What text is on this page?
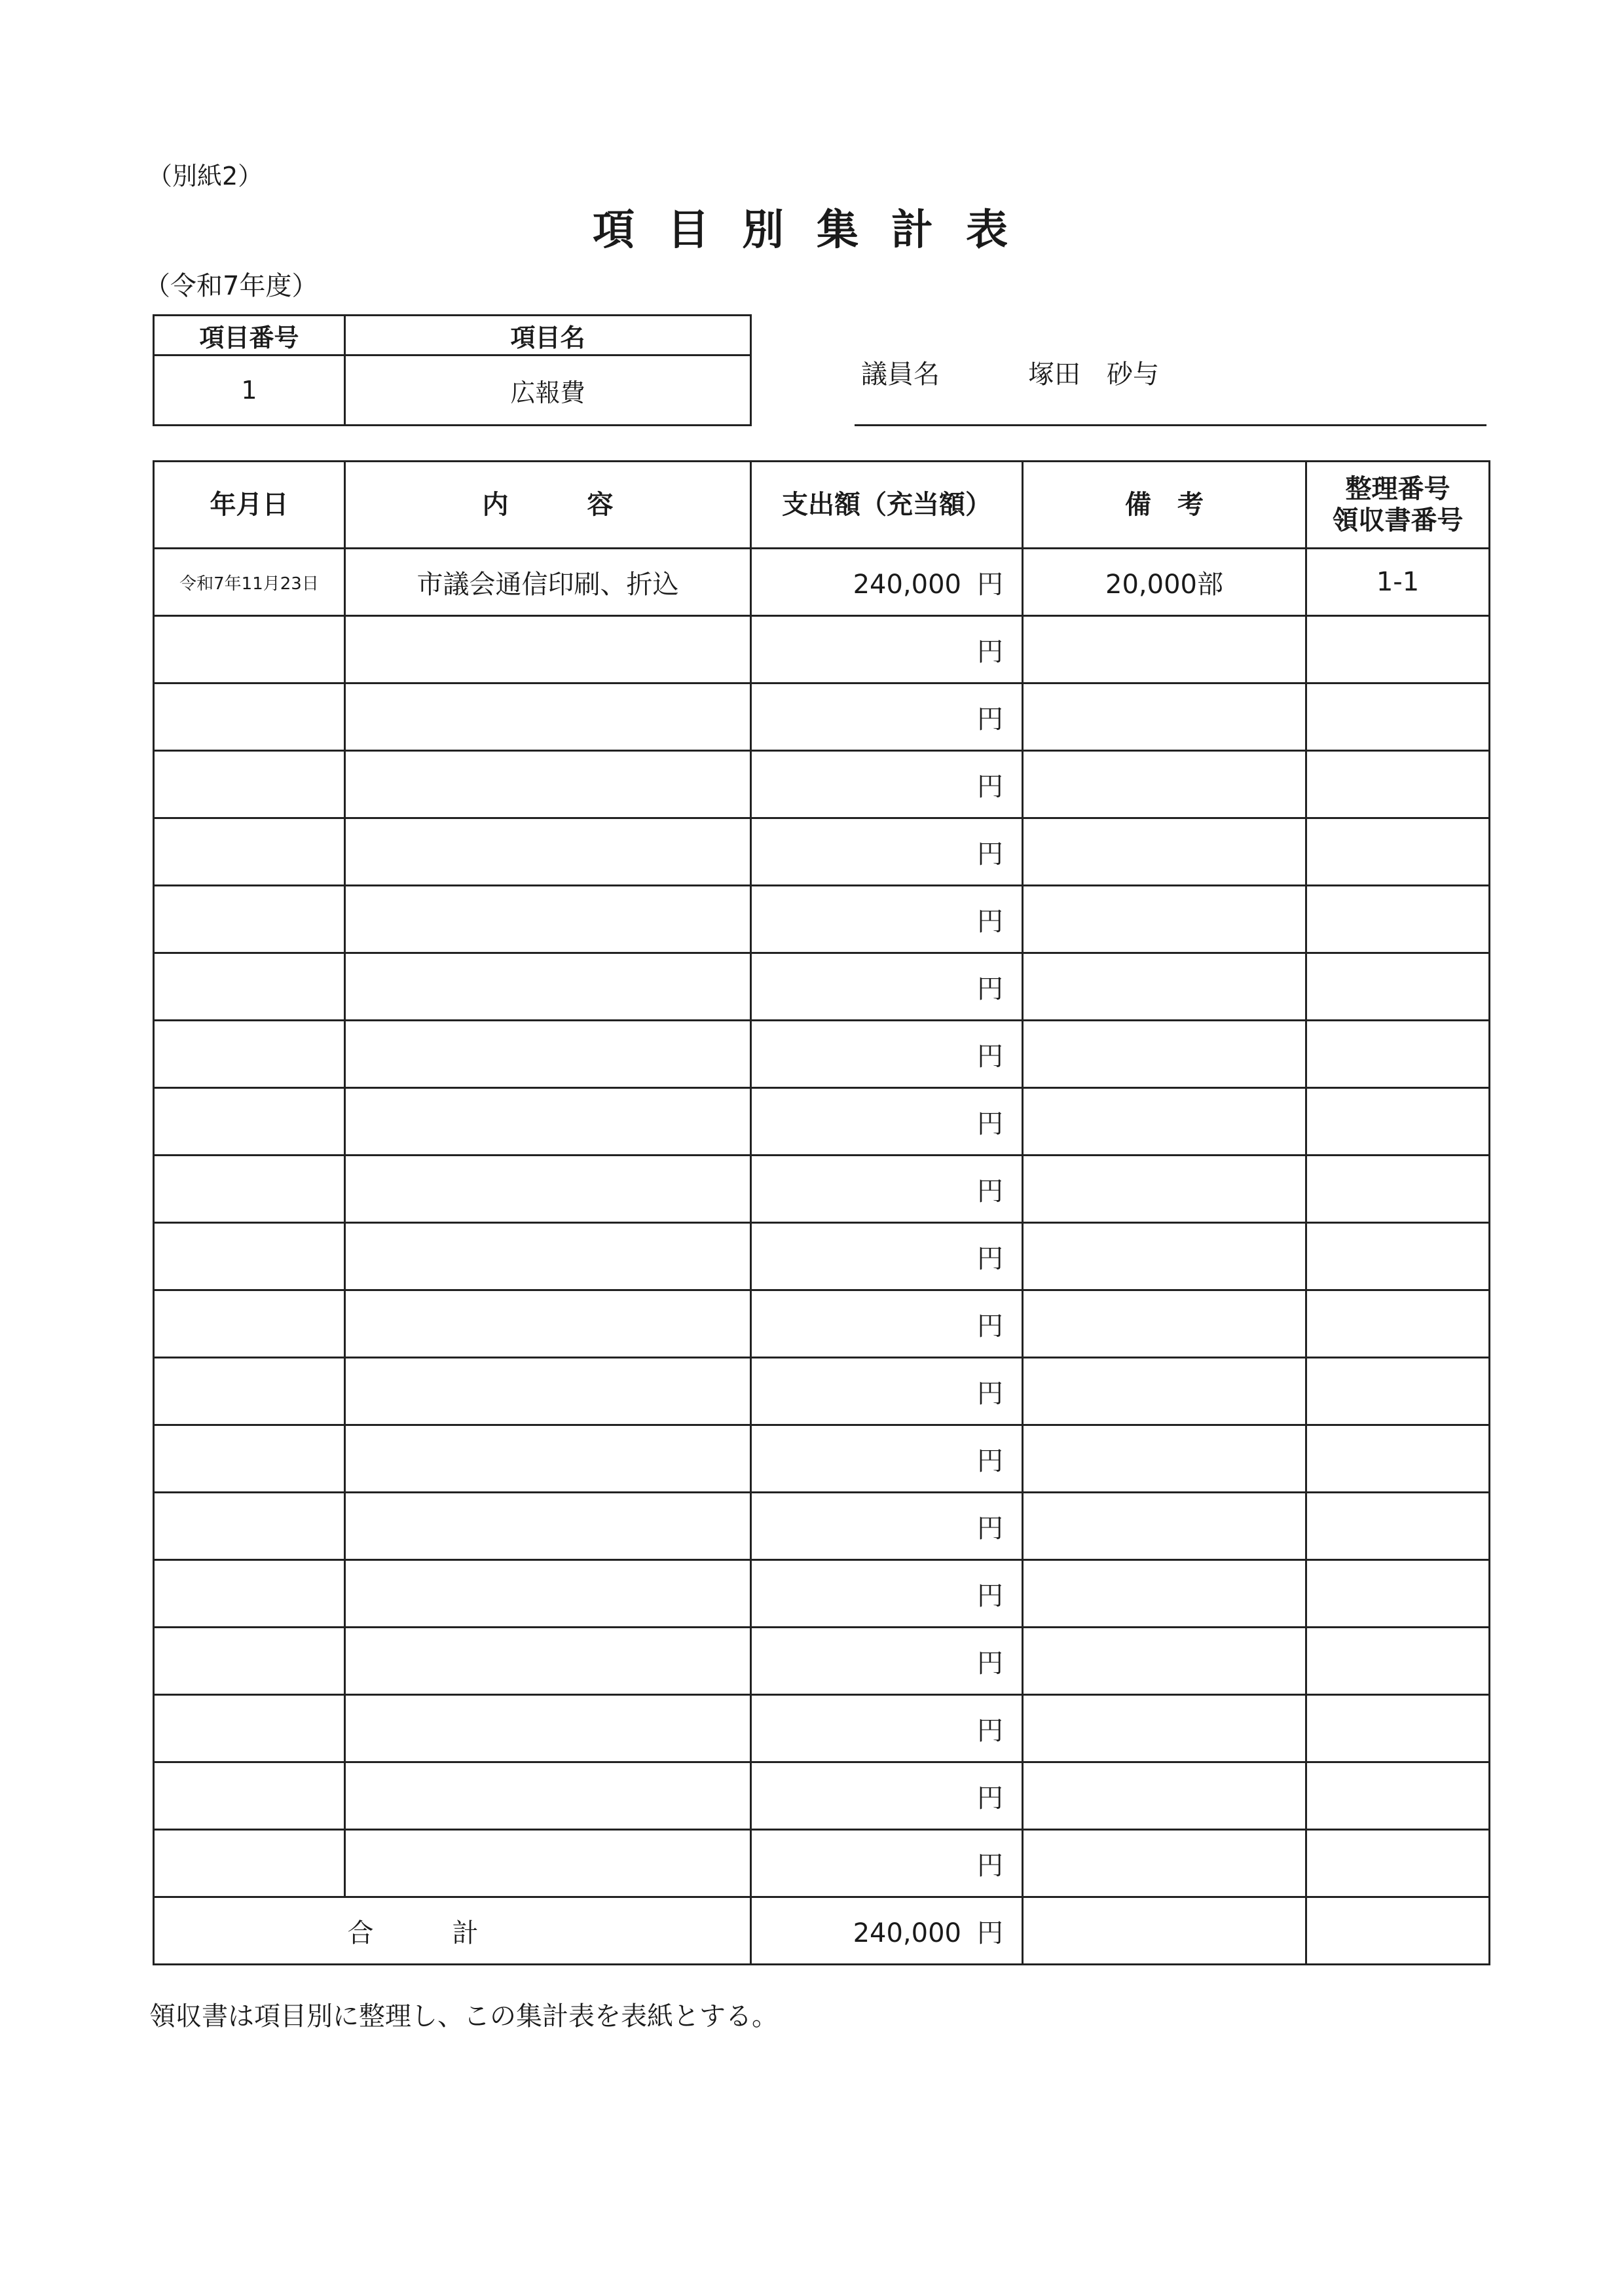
（別紙2）
項目別集計表
（令和7年度）
項目番号	項目名
1	広報費
議員名	塚田　砂与
年月日	内　　　容	支出額（充当額）	備　考	整理番号
領収書番号

令和7年11月23日	市議会通信印刷、折込	240,000 円	20,000部	1-1
		円		
		円		
		円		
		円		
		円		
		円		
		円		
		円		
		円		
		円		
		円		
		円		
		円		
		円		
		円		
		円		
		円		
		円		
		円		
合計		240,000 円		
領収書は項目別に整理し、この集計表を表紙とする。
